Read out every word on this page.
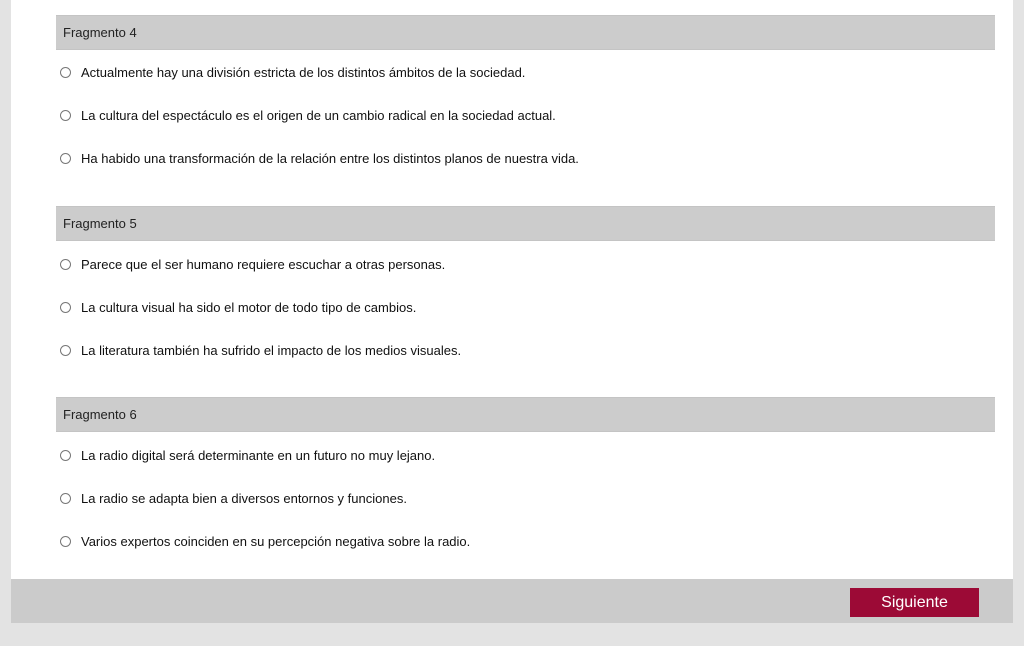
Fragmento 4
Actualmente hay una división estricta de los distintos ámbitos de la sociedad.
La cultura del espectáculo es el origen de un cambio radical en la sociedad actual.
Ha habido una transformación de la relación entre los distintos planos de nuestra vida.
Fragmento 5
Parece que el ser humano requiere escuchar a otras personas.
La cultura visual ha sido el motor de todo tipo de cambios.
La literatura también ha sufrido el impacto de los medios visuales.
Fragmento 6
La radio digital será determinante en un futuro no muy lejano.
La radio se adapta bien a diversos entornos y funciones.
Varios expertos coinciden en su percepción negativa sobre la radio.
Siguiente
